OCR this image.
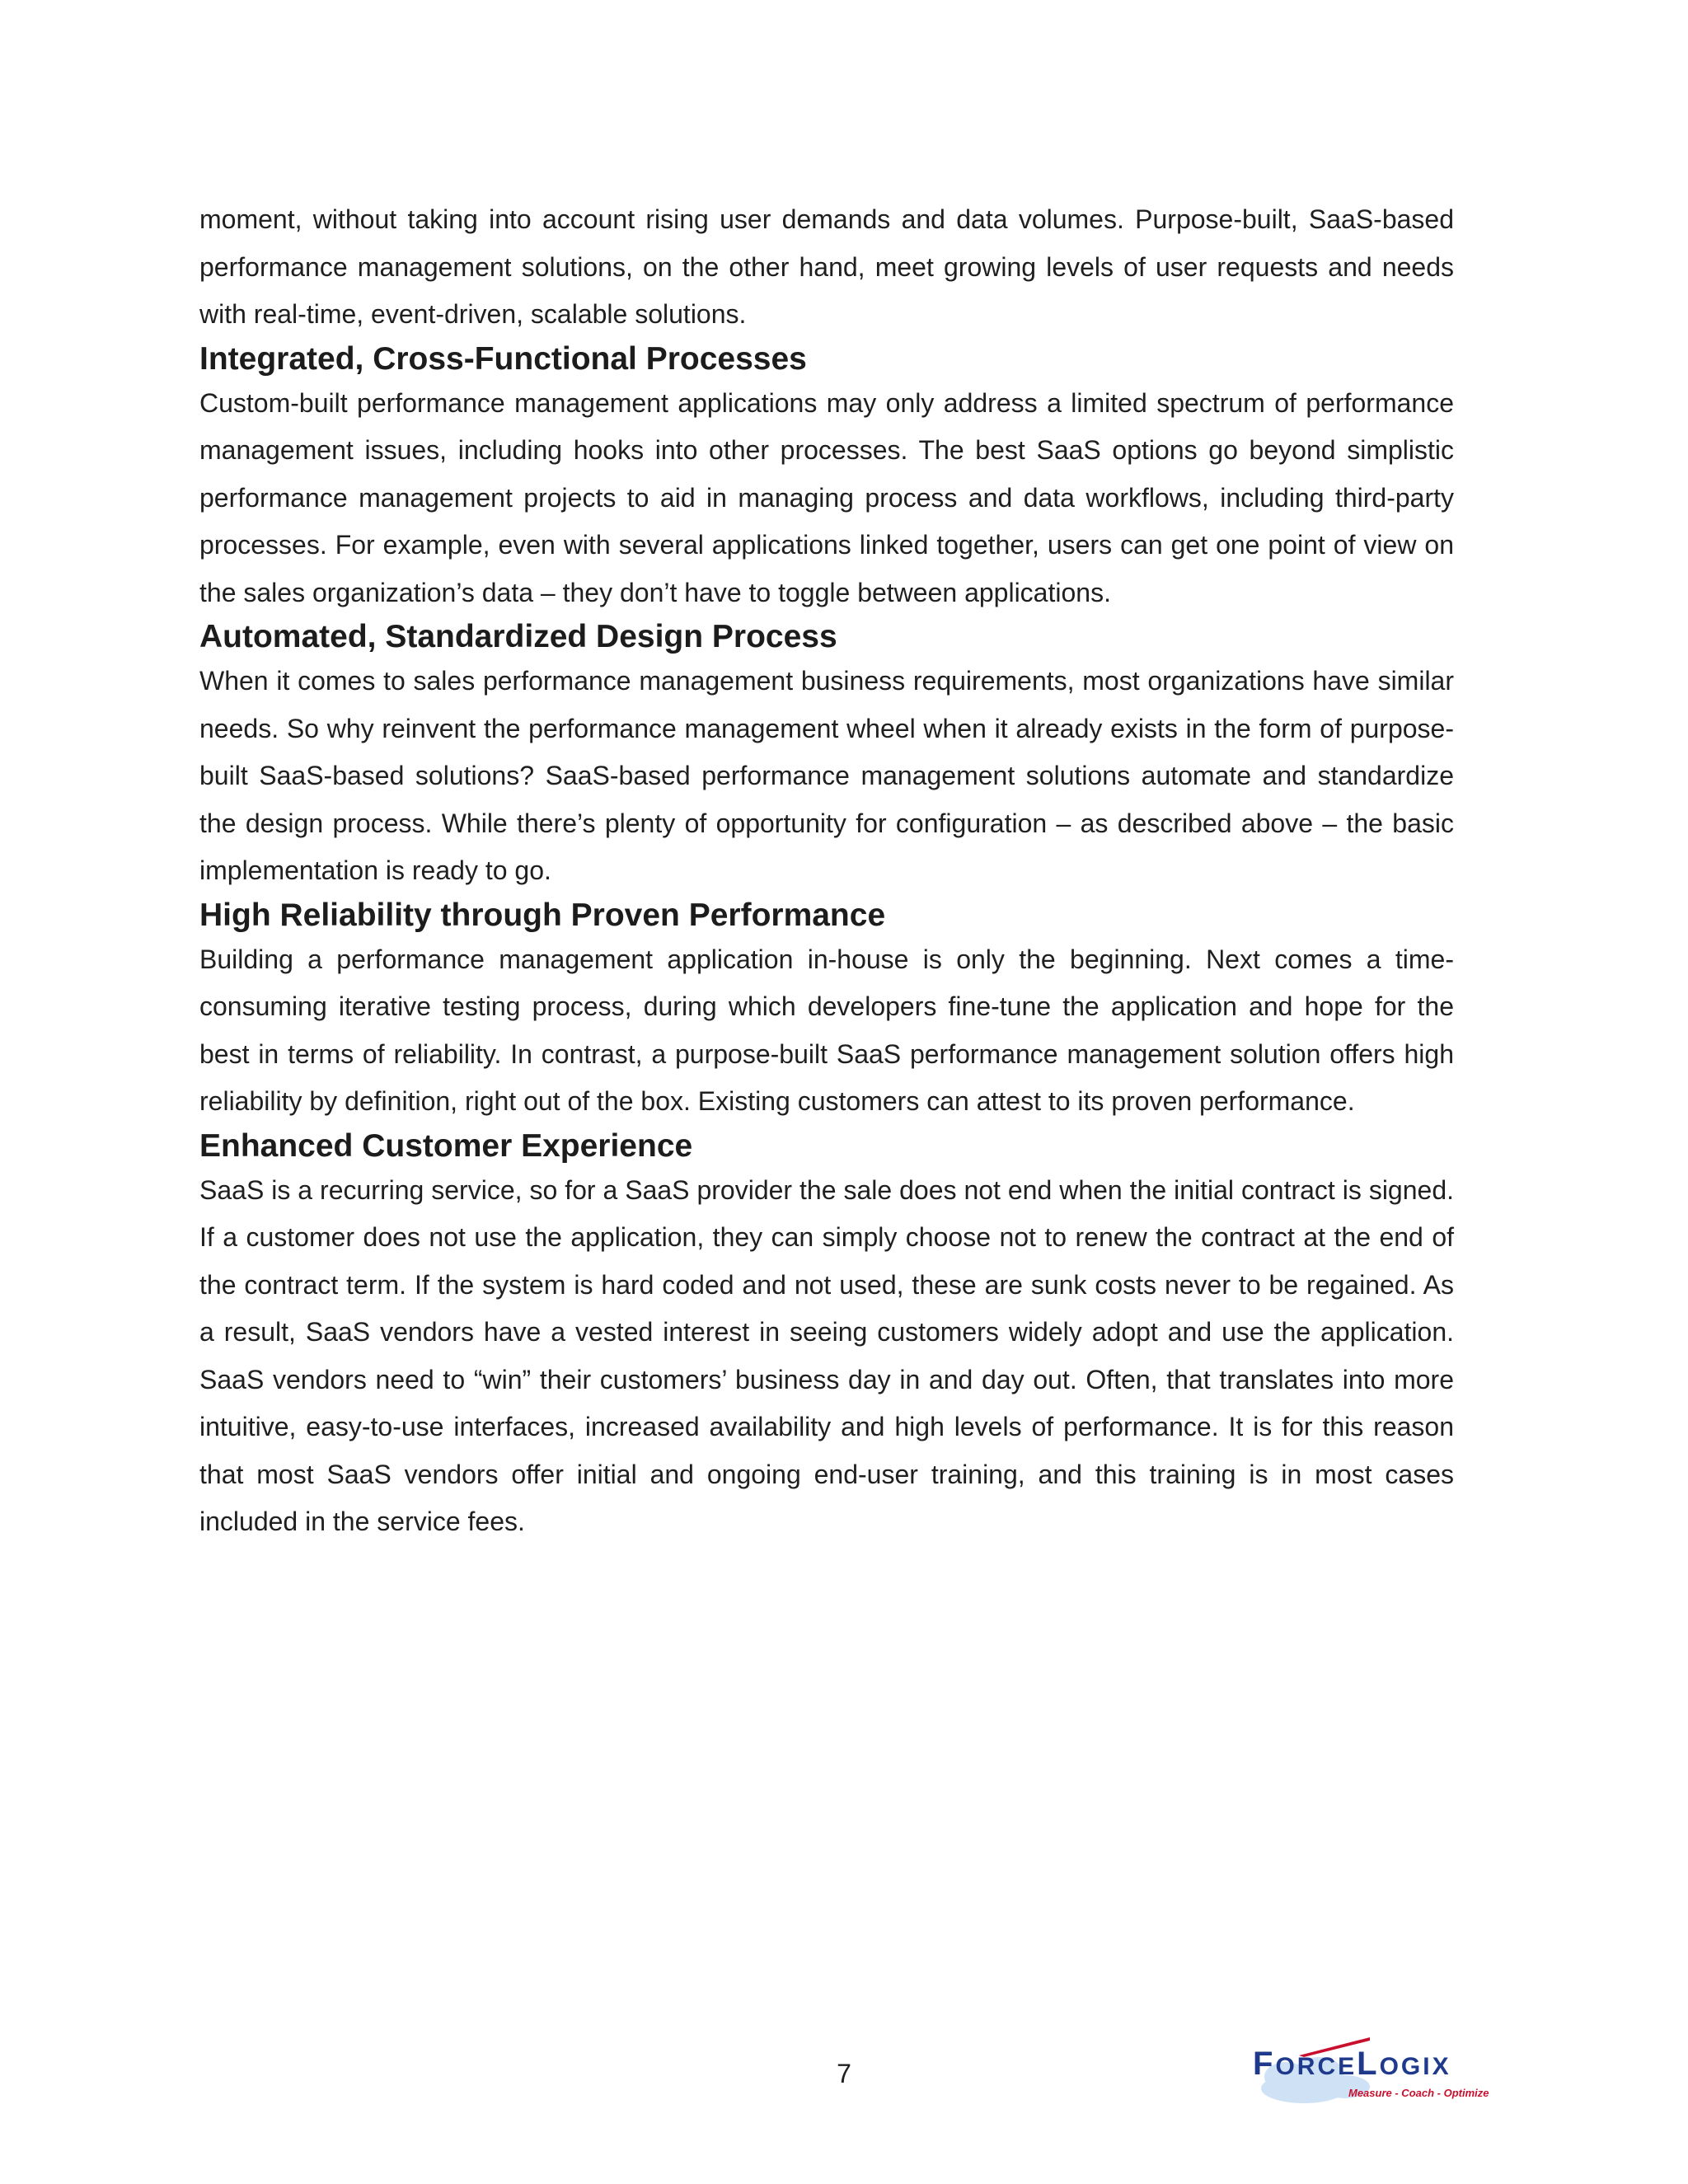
moment, without taking into account rising user demands and data volumes. Purpose-built, SaaS-based performance management solutions, on the other hand, meet growing levels of user requests and needs with real-time, event-driven, scalable solutions.

Integrated, Cross-Functional Processes

Custom-built performance management applications may only address a limited spectrum of performance management issues, including hooks into other processes. The best SaaS options go beyond simplistic performance management projects to aid in managing process and data workflows, including third-party processes. For example, even with several applications linked together, users can get one point of view on the sales organization’s data – they don’t have to toggle between applications.

Automated, Standardized Design Process

When it comes to sales performance management business requirements, most organizations have similar needs. So why reinvent the performance management wheel when it already exists in the form of purpose-built SaaS-based solutions? SaaS-based performance management solutions automate and standardize the design process. While there’s plenty of opportunity for configuration – as described above – the basic implementation is ready to go.

High Reliability through Proven Performance

Building a performance management application in-house is only the beginning. Next comes a time-consuming iterative testing process, during which developers fine-tune the application and hope for the best in terms of reliability. In contrast, a purpose-built SaaS performance management solution offers high reliability by definition, right out of the box. Existing customers can attest to its proven performance.

Enhanced Customer Experience

SaaS is a recurring service, so for a SaaS provider the sale does not end when the initial contract is signed. If a customer does not use the application, they can simply choose not to renew the contract at the end of the contract term. If the system is hard coded and not used, these are sunk costs never to be regained. As a result, SaaS vendors have a vested interest in seeing customers widely adopt and use the application. SaaS vendors need to “win” their customers’ business day in and day out. Often, that translates into more intuitive, easy-to-use interfaces, increased availability and high levels of performance. It is for this reason that most SaaS vendors offer initial and ongoing end-user training, and this training is in most cases included in the service fees.

7	FORCELOGIX
Measure - Coach - Optimize
